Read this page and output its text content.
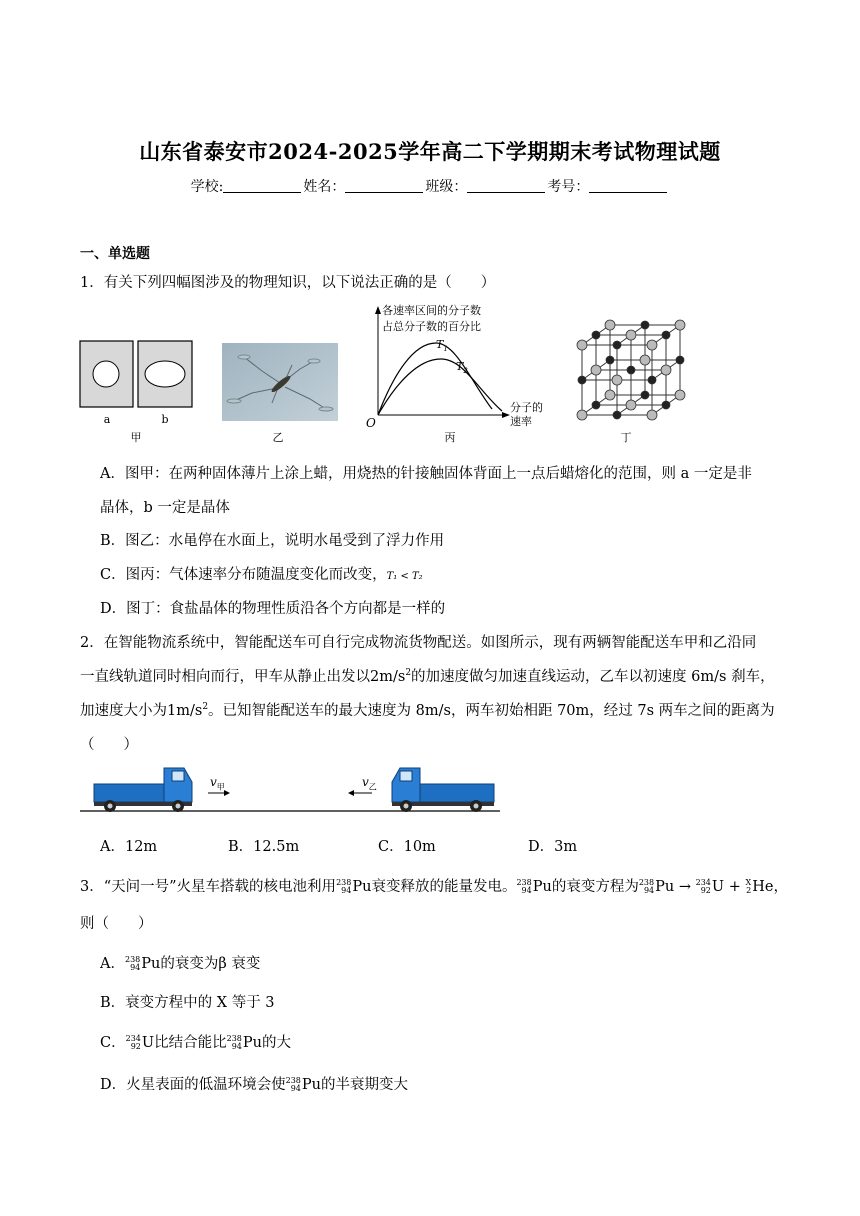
山东省泰安市2024-2025学年高二下学期期末考试物理试题
学校:	姓名：	班级：	考号：
一、单选题
1．有关下列四幅图涉及的物理知识，以下说法正确的是（　　）
a	b
甲	乙
各速率区间的分子数
占总分子数的百分比
$T_1$
$T_2$
O
分子的
速率
丙	丁
A．图甲：在两种固体薄片上涂上蜡，用烧热的针接触固体背面上一点后蜡熔化的范围，则 a 一定是非
晶体，b 一定是晶体
B．图乙：水黾停在水面上，说明水黾受到了浮力作用
C．图丙：气体速率分布随温度变化而改变，T₁ < T₂
D．图丁：食盐晶体的物理性质沿各个方向都是一样的
2．在智能物流系统中，智能配送车可自行完成物流货物配送。如图所示，现有两辆智能配送车甲和乙沿同
一直线轨道同时相向而行，甲车从静止出发以$2m/s^2$的加速度做匀加速直线运动，乙车以初速度 6m/s 刹车，
加速度大小为$1m/s^2$。已知智能配送车的最大速度为 8m/s，两车初始相距 70m，经过 7s 两车之间的距离为
（　　）
$v_甲$	$v_乙$
A．12m	B．12.5m	C．10m	D．3m
3．“天问一号”火星车搭载的核电池利用 238
94 Pu衰变释放的能量发电。 238
94 Pu的衰变方程为 238
94 Pu → 234
92 U + X
2 He，
则（　　）
A． 238
94 Pu的衰变为β 衰变
B．衰变方程中的 X 等于 3
C． 234
92 U比结合能比 238
94 Pu的大
D．火星表面的低温环境会使 238
94 Pu的半衰期变大
